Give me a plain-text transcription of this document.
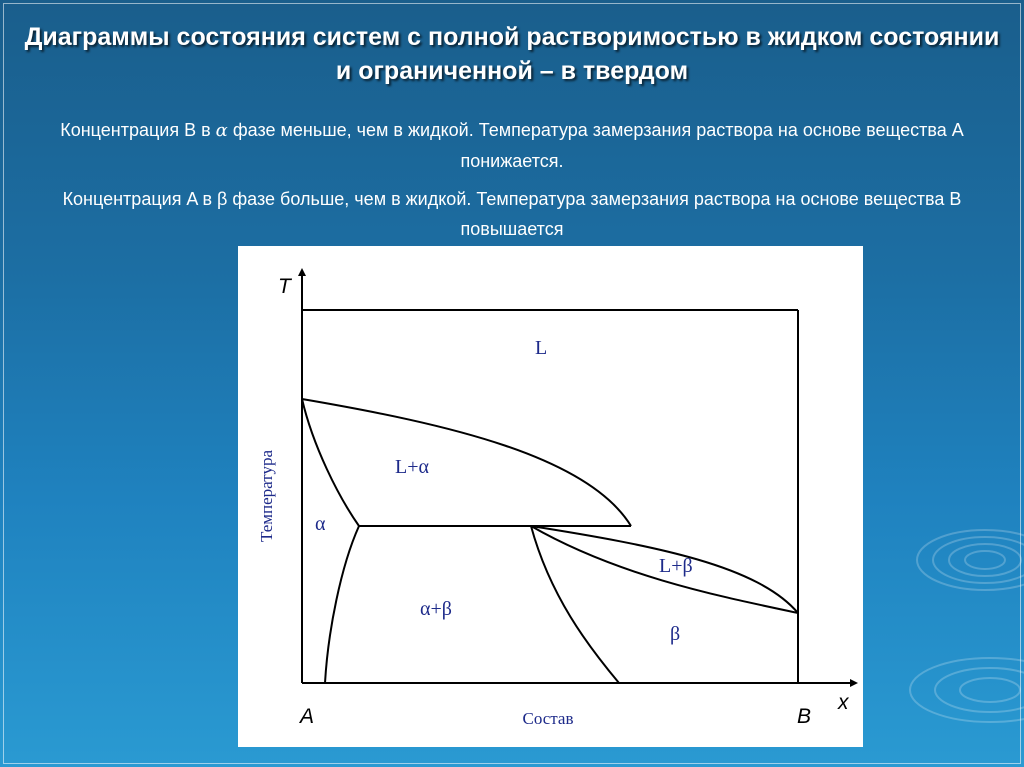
Диаграммы состояния систем с полной растворимостью в жидком состоянии и ограниченной – в твердом
Концентрация B в α фазе меньше, чем в жидкой. Температура замерзания раствора на основе вещества A понижается.
Концентрация A в β фазе больше, чем в жидкой. Температура замерзания раствора на основе вещества B повышается
L
L+α
α
α+β
L+β
β
T
x
A	B
Температура
Состав
